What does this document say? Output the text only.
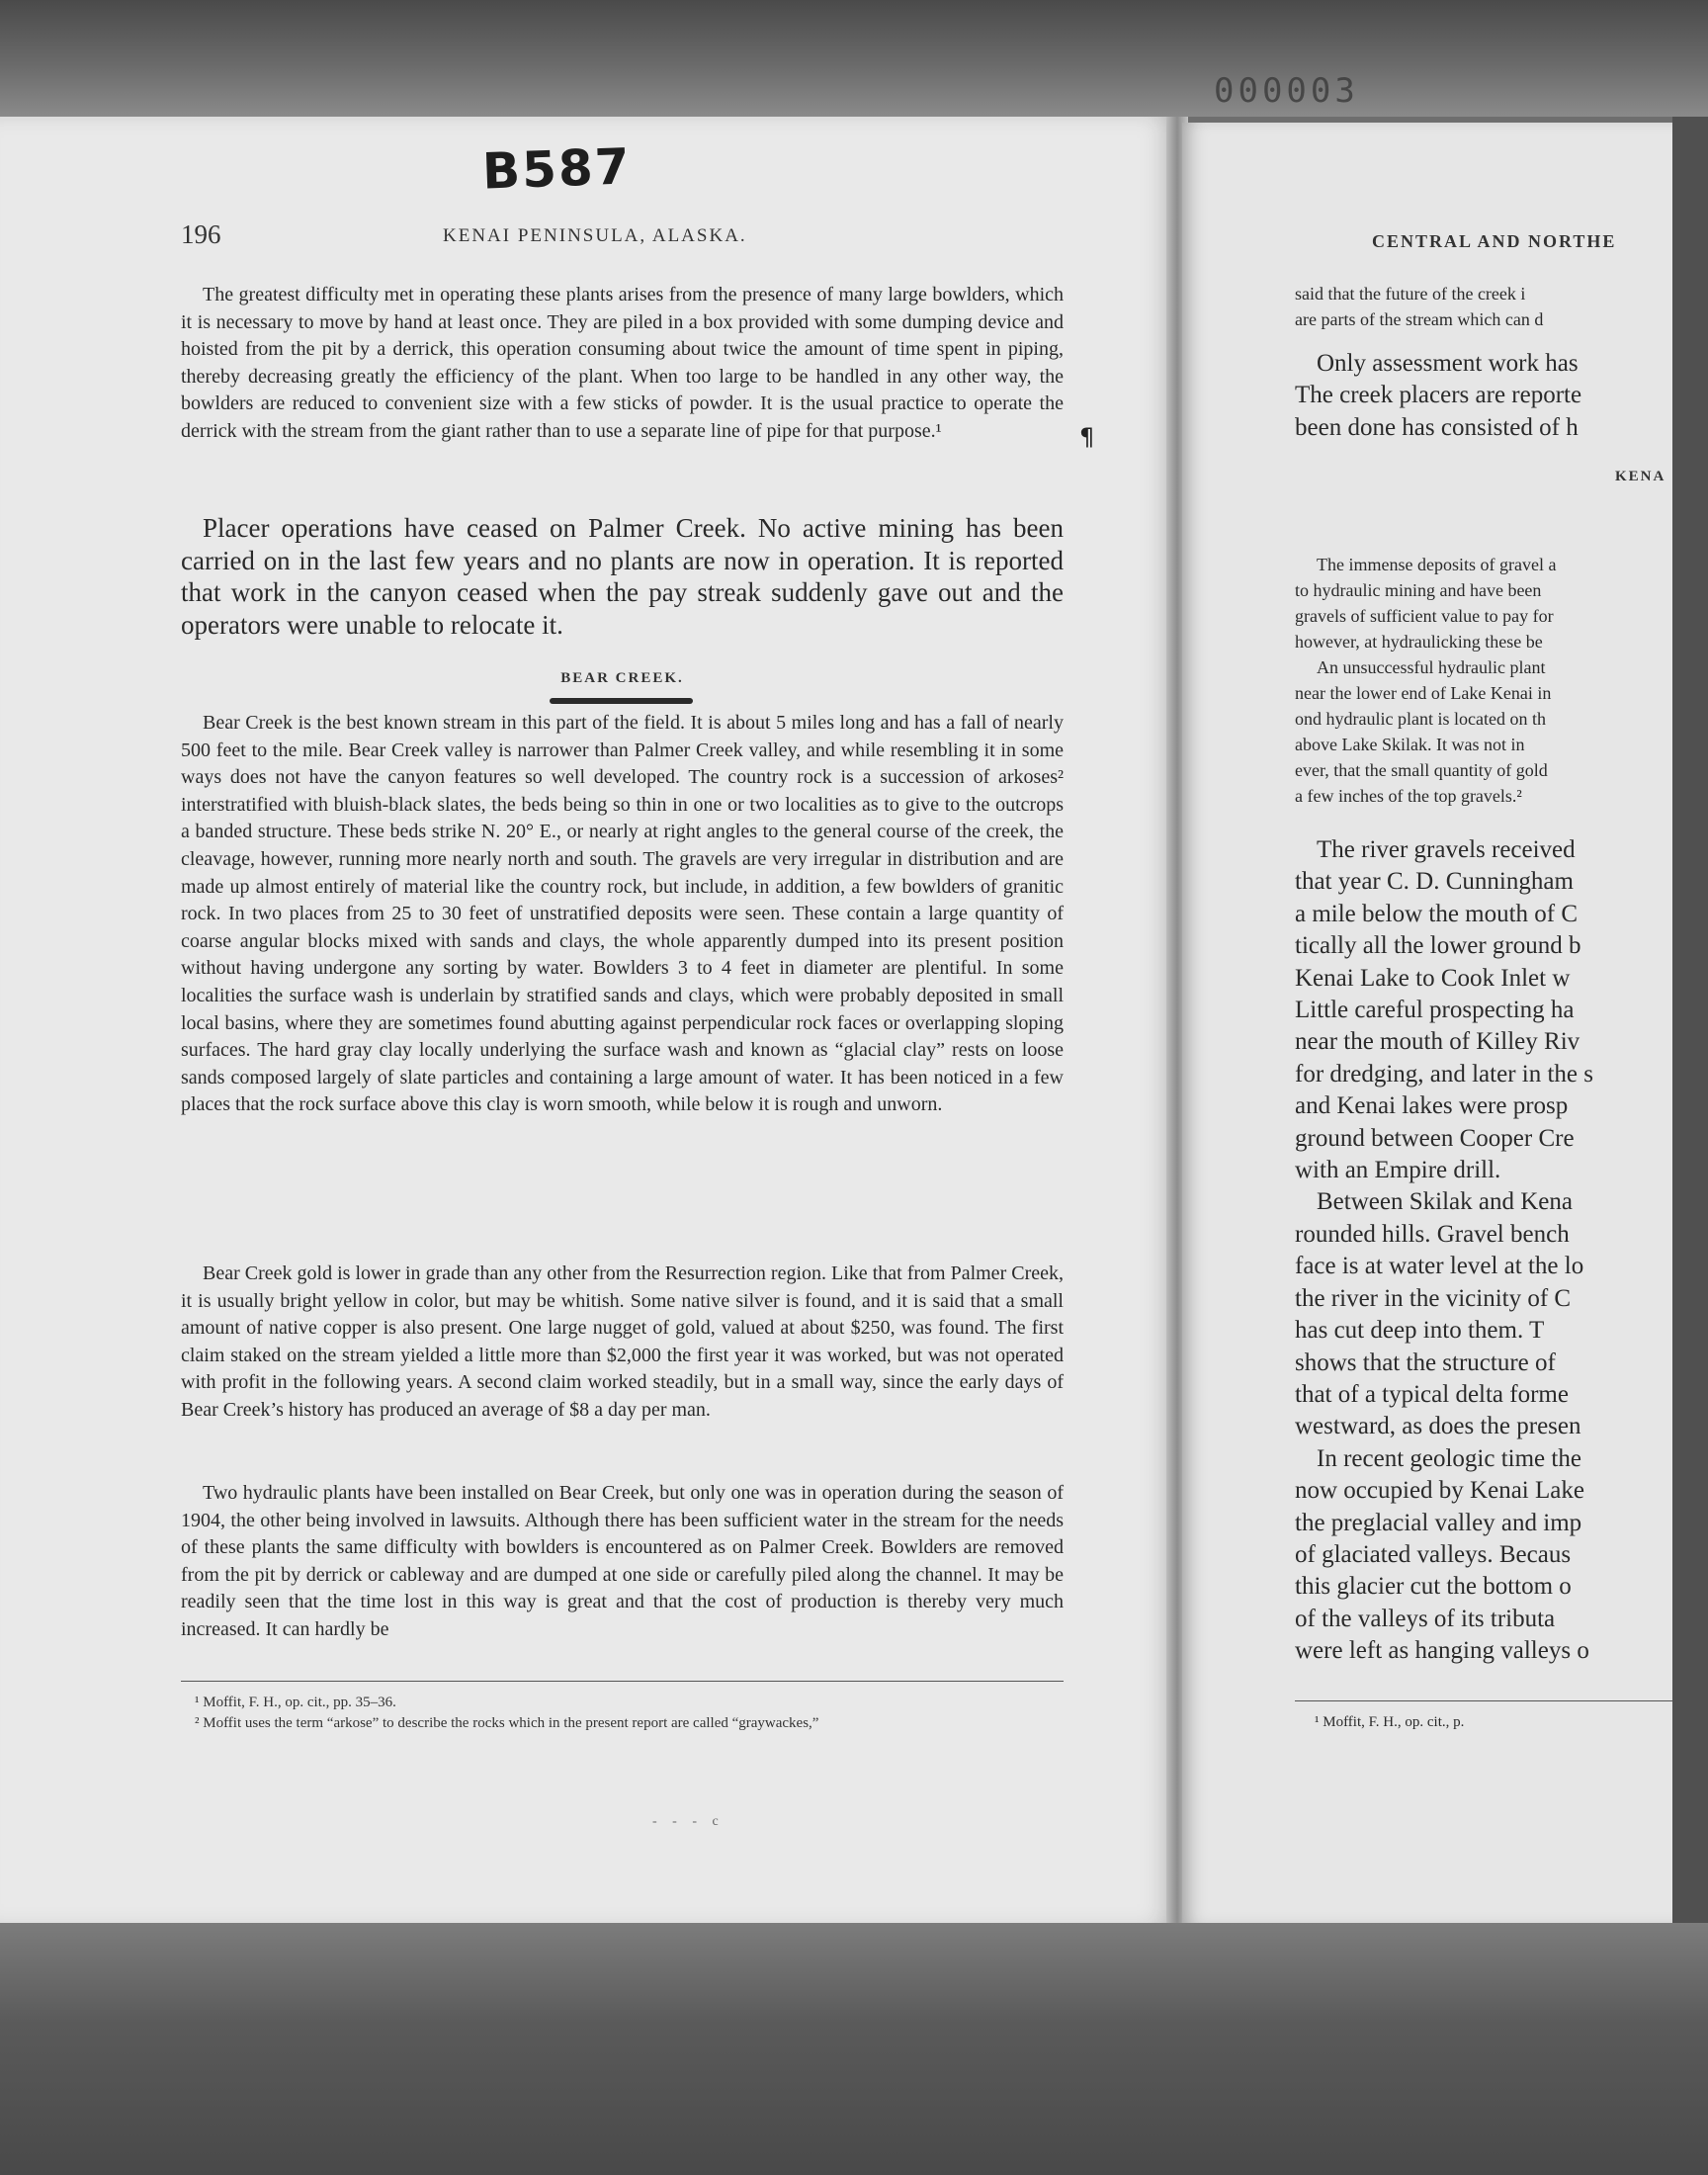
000003
B587
196	KENAI PENINSULA, ALASKA.

The greatest difficulty met in operating these plants arises from the presence of many large bowlders, which it is necessary to move by hand at least once. They are piled in a box provided with some dumping device and hoisted from the pit by a derrick, this operation consuming about twice the amount of time spent in piping, thereby decreasing greatly the efficiency of the plant. When too large to be handled in any other way, the bowlders are reduced to convenient size with a few sticks of powder. It is the usual practice to operate the derrick with the stream from the giant rather than to use a separate line of pipe for that purpose.¹

Placer operations have ceased on Palmer Creek. No active mining has been carried on in the last few years and no plants are now in operation. It is reported that work in the canyon ceased when the pay streak suddenly gave out and the operators were unable to relocate it.

BEAR CREEK.

Bear Creek is the best known stream in this part of the field. It is about 5 miles long and has a fall of nearly 500 feet to the mile. Bear Creek valley is narrower than Palmer Creek valley, and while resembling it in some ways does not have the canyon features so well developed. The country rock is a succession of arkoses² interstratified with bluish-black slates, the beds being so thin in one or two localities as to give to the outcrops a banded structure. These beds strike N. 20° E., or nearly at right angles to the general course of the creek, the cleavage, however, running more nearly north and south. The gravels are very irregular in distribution and are made up almost entirely of material like the country rock, but include, in addition, a few bowlders of granitic rock. In two places from 25 to 30 feet of unstratified deposits were seen. These contain a large quantity of coarse angular blocks mixed with sands and clays, the whole apparently dumped into its present position without having undergone any sorting by water. Bowlders 3 to 4 feet in diameter are plentiful. In some localities the surface wash is underlain by stratified sands and clays, which were probably deposited in small local basins, where they are sometimes found abutting against perpendicular rock faces or overlapping sloping surfaces. The hard gray clay locally underlying the surface wash and known as “glacial clay” rests on loose sands composed largely of slate particles and containing a large amount of water. It has been noticed in a few places that the rock surface above this clay is worn smooth, while below it is rough and unworn.

Bear Creek gold is lower in grade than any other from the Resurrection region. Like that from Palmer Creek, it is usually bright yellow in color, but may be whitish. Some native silver is found, and it is said that a small amount of native copper is also present. One large nugget of gold, valued at about $250, was found. The first claim staked on the stream yielded a little more than $2,000 the first year it was worked, but was not operated with profit in the following years. A second claim worked steadily, but in a small way, since the early days of Bear Creek’s history has produced an average of $8 a day per man.

Two hydraulic plants have been installed on Bear Creek, but only one was in operation during the season of 1904, the other being involved in lawsuits. Although there has been sufficient water in the stream for the needs of these plants the same difficulty with bowlders is encountered as on Palmer Creek. Bowlders are removed from the pit by derrick or cableway and are dumped at one side or carefully piled along the channel. It may be readily seen that the time lost in this way is great and that the cost of production is thereby very much increased. It can hardly be

¹ Moffit, F. H., op. cit., pp. 35–36.
² Moffit uses the term “arkose” to describe the rocks which in the present report are called “graywackes,”
¶
- - - c
CENTRAL AND NORTHE
said that the future of the creek i
are parts of the stream which can d
Only assessment work has
The creek placers are reporte
been done has consisted of h
KENA
The immense deposits of gravel a
to hydraulic mining and have been
gravels of sufficient value to pay for
however, at hydraulicking these be
An unsuccessful hydraulic plant
near the lower end of Lake Kenai in
ond hydraulic plant is located on th
above Lake Skilak. It was not in
ever, that the small quantity of gold
a few inches of the top gravels.²
The river gravels received
that year C. D. Cunningham
a mile below the mouth of C
tically all the lower ground b
Kenai Lake to Cook Inlet w
Little careful prospecting ha
near the mouth of Killey Riv
for dredging, and later in the s
and Kenai lakes were prosp
ground between Cooper Cre
with an Empire drill.
Between Skilak and Kena
rounded hills. Gravel bench
face is at water level at the lo
the river in the vicinity of C
has cut deep into them. T
shows that the structure of
that of a typical delta forme
westward, as does the presen
In recent geologic time the
now occupied by Kenai Lake
the preglacial valley and imp
of glaciated valleys. Becaus
this glacier cut the bottom o
of the valleys of its tributa
were left as hanging valleys o
¹ Moffit, F. H., op. cit., p.
